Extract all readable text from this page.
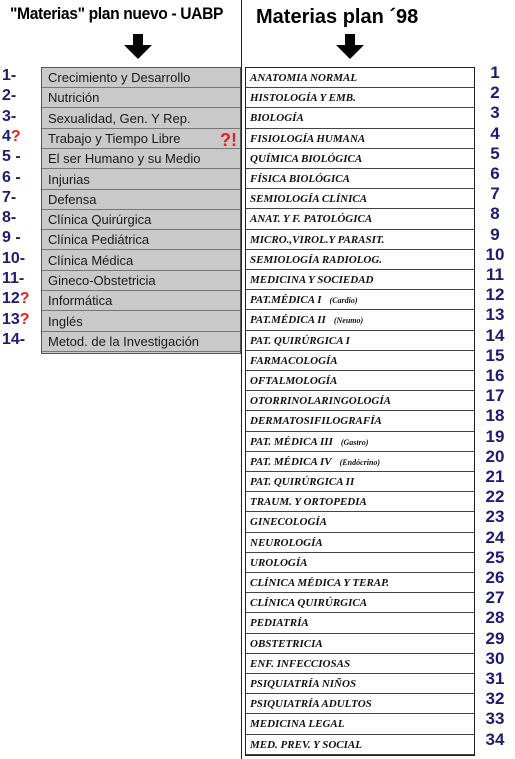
"Materias" plan nuevo - UABP Materias plan ´98
1-
2-
3-
4?
5 -
6 -
7-
8-
9 -
10-
11-
12?
13?
14-
Crecimiento y Desarrollo
Nutrición
Sexualidad, Gen. Y Rep.
Trabajo y Tiempo Libre
El ser Humano y su Medio
Injurias
Defensa
Clínica Quirúrgica
Clínica Pediátrica
Clínica Médica
Gineco-Obstetricia
Informática
Inglés
Metod. de la Investigación
?!
ANATOMIA NORMAL
HISTOLOGÍA Y EMB.
BIOLOGÍA
FISIOLOGÍA HUMANA
QUÍMICA BIOLÓGICA
FÍSICA BIOLÓGICA
SEMIOLOGÍA CLÍNICA
ANAT. Y F. PATOLÓGICA
MICRO.,VIROL.Y PARASIT.
SEMIOLOGÍA RADIOLOG.
MEDICINA Y SOCIEDAD
PAT.MÉDICA I (Cardio)
PAT.MÉDICA II (Neumo)
PAT. QUIRÚRGICA I
FARMACOLOGÍA
OFTALMOLOGÍA
OTORRINOLARINGOLOGÍA
DERMATOSIFILOGRAFÍA
PAT. MÉDICA III (Gastro)
PAT. MÉDICA IV (Endócrino)
PAT. QUIRÚRGICA II
TRAUM. Y ORTOPEDIA
GINECOLOGÍA
NEUROLOGÍA
UROLOGÍA
CLÍNICA MÉDICA Y TERAP.
CLÍNICA QUIRÚRGICA
PEDIATRÍA
OBSTETRICIA
ENF. INFECCIOSAS
PSIQUIATRÍA NIÑOS
PSIQUIATRÍA ADULTOS
MEDICINA LEGAL
MED. PREV. Y SOCIAL
1
2
3
4
5
6
7
8
9
10
11
12
13
14
15
16
17
18
19
20
21
22
23
24
25
26
27
28
29
30
31
32
33
34
